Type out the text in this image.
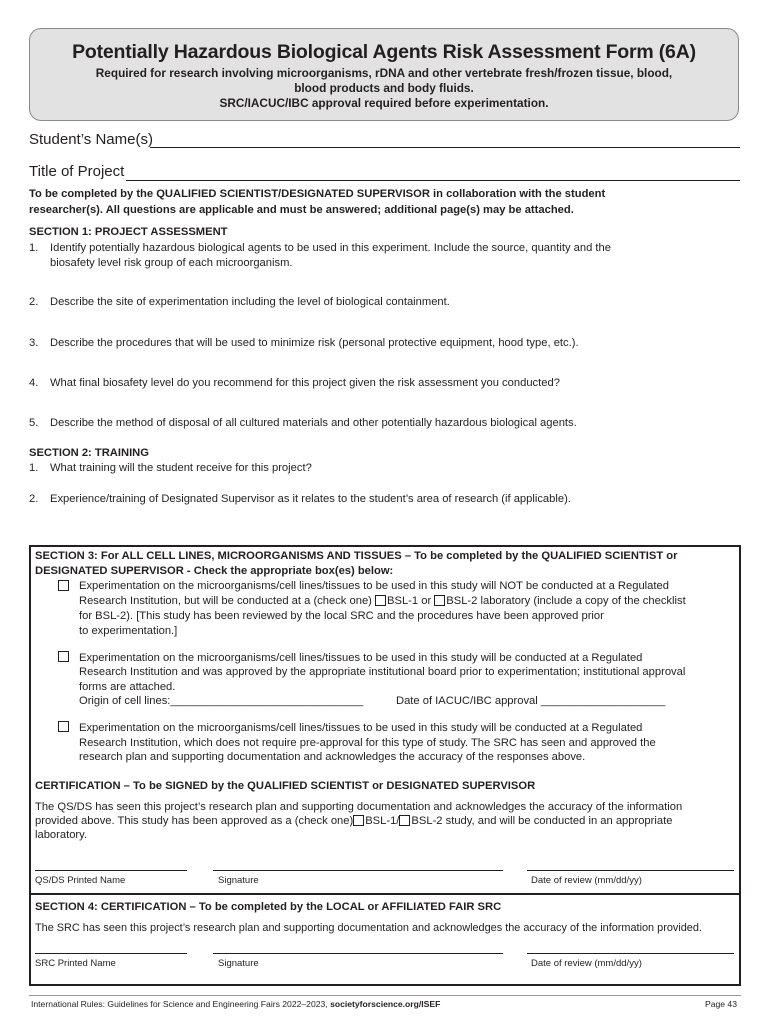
Potentially Hazardous Biological Agents Risk Assessment Form (6A)
Required for research involving microorganisms, rDNA and other vertebrate fresh/frozen tissue, blood,
blood products and body fluids.
SRC/IACUC/IBC approval required before experimentation.
Student’s Name(s)
Title of Project
To be completed by the QUALIFIED SCIENTIST/DESIGNATED SUPERVISOR in collaboration with the student
researcher(s). All questions are applicable and must be answered; additional page(s) may be attached.
SECTION 1: PROJECT ASSESSMENT
1. Identify potentially hazardous biological agents to be used in this experiment. Include the source, quantity and the
biosafety level risk group of each microorganism.
2. Describe the site of experimentation including the level of biological containment.
3. Describe the procedures that will be used to minimize risk (personal protective equipment, hood type, etc.).
4. What final biosafety level do you recommend for this project given the risk assessment you conducted?
5. Describe the method of disposal of all cultured materials and other potentially hazardous biological agents.
SECTION 2: TRAINING
1. What training will the student receive for this project?
2. Experience/training of Designated Supervisor as it relates to the student’s area of research (if applicable).
SECTION 3: For ALL CELL LINES, MICROORGANISMS AND TISSUES – To be completed by the QUALIFIED SCIENTIST or
DESIGNATED SUPERVISOR - Check the appropriate box(es) below:
Experimentation on the microorganisms/cell lines/tissues to be used in this study will NOT be conducted at a Regulated
Research Institution, but will be conducted at a (check one) BSL-1 or BSL-2 laboratory (include a copy of the checklist
for BSL-2). [This study has been reviewed by the local SRC and the procedures have been approved prior
to experimentation.]
Experimentation on the microorganisms/cell lines/tissues to be used in this study will be conducted at a Regulated
Research Institution and was approved by the appropriate institutional board prior to experimentation; institutional approval
forms are attached.
Origin of cell lines:_______________________________	Date of IACUC/IBC approval ____________________
Experimentation on the microorganisms/cell lines/tissues to be used in this study will be conducted at a Regulated
Research Institution, which does not require pre-approval for this type of study. The SRC has seen and approved the
research plan and supporting documentation and acknowledges the accuracy of the responses above.
CERTIFICATION – To be SIGNED by the QUALIFIED SCIENTIST or DESIGNATED SUPERVISOR
The QS/DS has seen this project’s research plan and supporting documentation and acknowledges the accuracy of the information
provided above. This study has been approved as a (check one) BSL-1/ BSL-2 study, and will be conducted in an appropriate
laboratory.
QS/DS Printed Name	Signature	Date of review (mm/dd/yy)
SECTION 4: CERTIFICATION – To be completed by the LOCAL or AFFILIATED FAIR SRC
The SRC has seen this project’s research plan and supporting documentation and acknowledges the accuracy of the information provided.
SRC Printed Name	Signature	Date of review (mm/dd/yy)
International Rules: Guidelines for Science and Engineering Fairs 2022–2023, societyforscience.org/ISEF	Page 43
